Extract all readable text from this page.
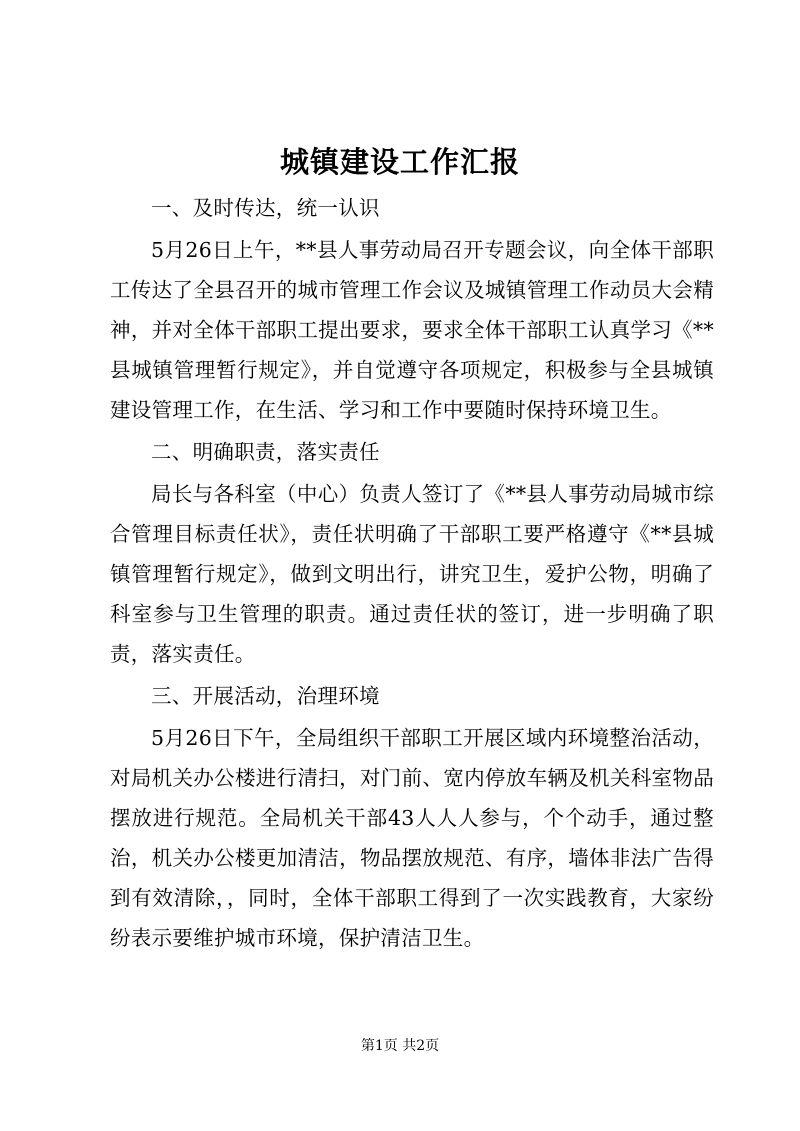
城镇建设工作汇报

一、及时传达，统一认识

5月26日上午，**县人事劳动局召开专题会议，向全体干部职工传达了全县召开的城市管理工作会议及城镇管理工作动员大会精神，并对全体干部职工提出要求，要求全体干部职工认真学习《**县城镇管理暂行规定》，并自觉遵守各项规定，积极参与全县城镇建设管理工作，在生活、学习和工作中要随时保持环境卫生。

二、明确职责，落实责任

局长与各科室（中心）负责人签订了《**县人事劳动局城市综合管理目标责任状》，责任状明确了干部职工要严格遵守《**县城镇管理暂行规定》，做到文明出行，讲究卫生，爱护公物，明确了科室参与卫生管理的职责。通过责任状的签订，进一步明确了职责，落实责任。

三、开展活动，治理环境

5月26日下午，全局组织干部职工开展区域内环境整治活动，对局机关办公楼进行清扫，对门前、宽内停放车辆及机关科室物品摆放进行规范。全局机关干部43人人人参与，个个动手，通过整治，机关办公楼更加清洁，物品摆放规范、有序，墙体非法广告得到有效清除，，同时，全体干部职工得到了一次实践教育，大家纷纷表示要维护城市环境，保护清洁卫生。

第1页 共2页
